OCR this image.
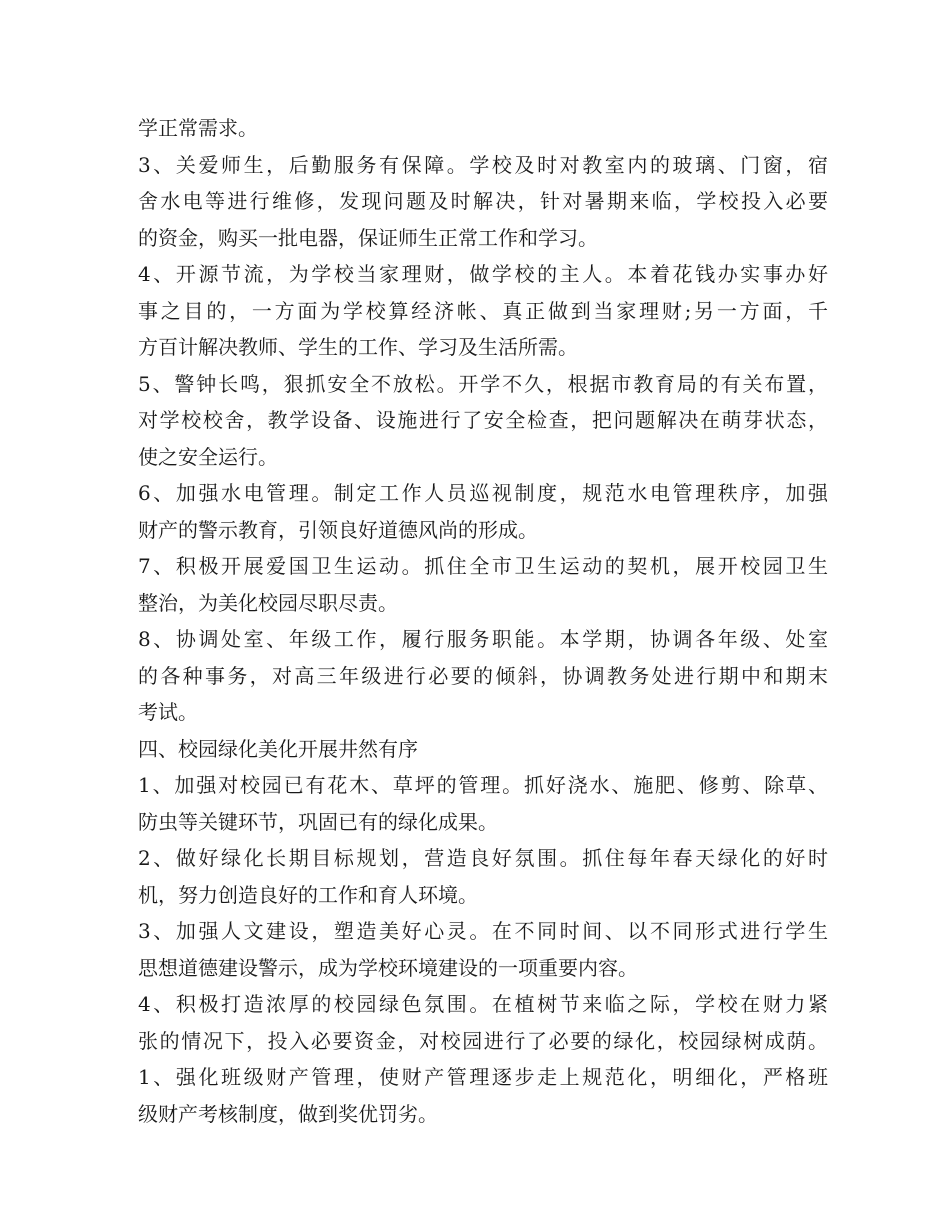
学正常需求。
3、关爱师生，后勤服务有保障。学校及时对教室内的玻璃、门窗，宿
舍水电等进行维修，发现问题及时解决，针对暑期来临，学校投入必要
的资金，购买一批电器，保证师生正常工作和学习。
4、开源节流，为学校当家理财，做学校的主人。本着花钱办实事办好
事之目的，一方面为学校算经济帐、真正做到当家理财;另一方面，千
方百计解决教师、学生的工作、学习及生活所需。
5、警钟长鸣，狠抓安全不放松。开学不久，根据市教育局的有关布置，
对学校校舍，教学设备、设施进行了安全检查，把问题解决在萌芽状态，
使之安全运行。
6、加强水电管理。制定工作人员巡视制度，规范水电管理秩序，加强
财产的警示教育，引领良好道德风尚的形成。
7、积极开展爱国卫生运动。抓住全市卫生运动的契机，展开校园卫生
整治，为美化校园尽职尽责。
8、协调处室、年级工作，履行服务职能。本学期，协调各年级、处室
的各种事务，对高三年级进行必要的倾斜，协调教务处进行期中和期末
考试。
四、校园绿化美化开展井然有序
1、加强对校园已有花木、草坪的管理。抓好浇水、施肥、修剪、除草、
防虫等关键环节，巩固已有的绿化成果。
2、做好绿化长期目标规划，营造良好氛围。抓住每年春天绿化的好时
机，努力创造良好的工作和育人环境。
3、加强人文建设，塑造美好心灵。在不同时间、以不同形式进行学生
思想道德建设警示，成为学校环境建设的一项重要内容。
4、积极打造浓厚的校园绿色氛围。在植树节来临之际，学校在财力紧
张的情况下，投入必要资金，对校园进行了必要的绿化，校园绿树成荫。
1、强化班级财产管理，使财产管理逐步走上规范化，明细化，严格班
级财产考核制度，做到奖优罚劣。
